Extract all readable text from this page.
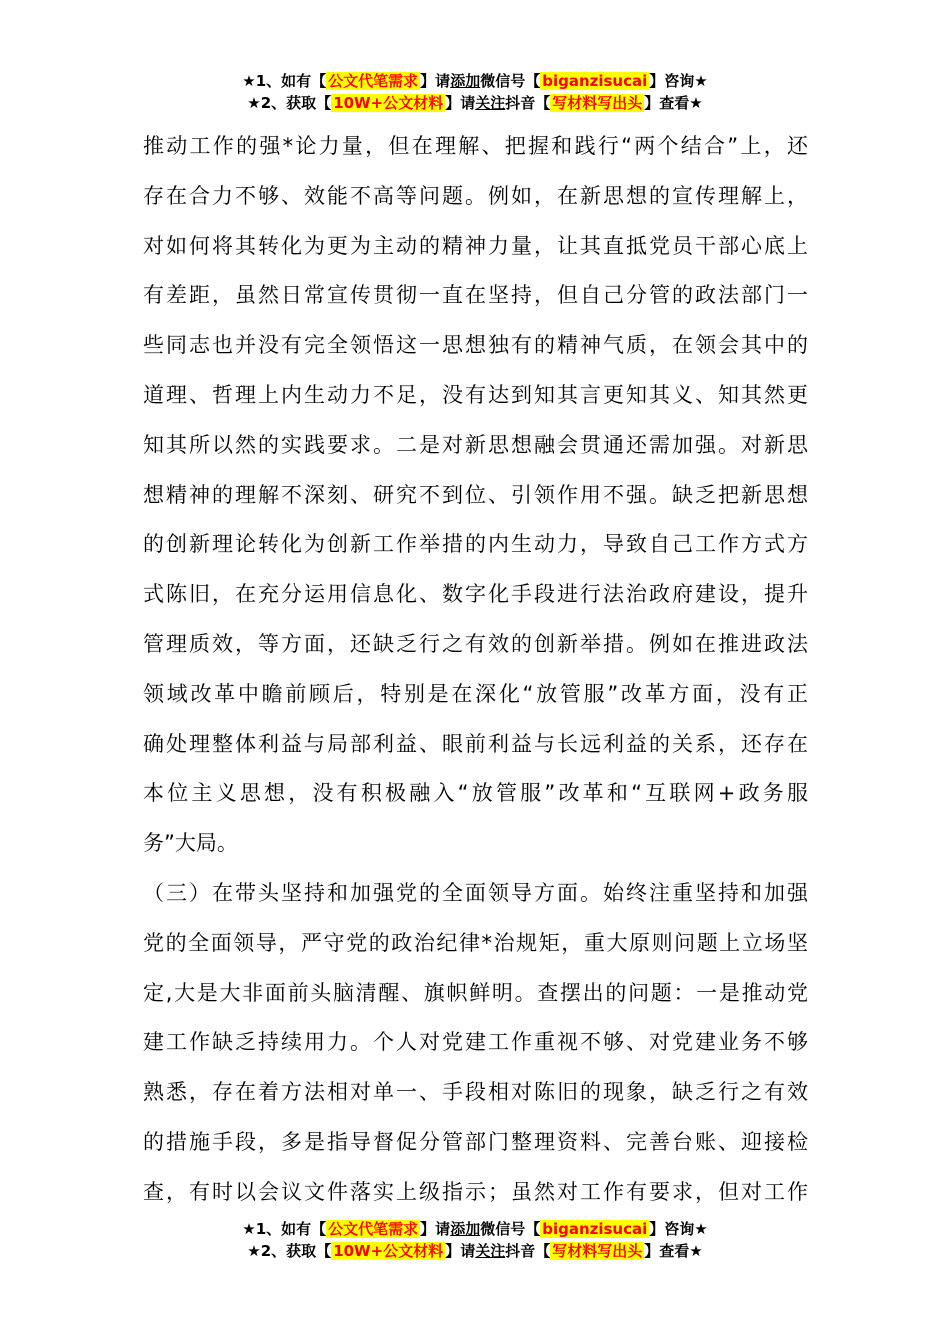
★1、如有【 公文代笔需求 】请添加微信号【 biganzisucai 】咨询★
★2、获取【 10W+公文材料 】请关注抖音【 写材料写出头 】查看★
推动工作的强*论力量，但在理解、把握和践行“两个结合”上，还
存在合力不够、效能不高等问题。例如，在新思想的宣传理解上，
对如何将其转化为更为主动的精神力量，让其直抵党员干部心底上
有差距，虽然日常宣传贯彻一直在坚持，但自己分管的政法部门一
些同志也并没有完全领悟这一思想独有的精神气质，在领会其中的
道理、哲理上内生动力不足，没有达到知其言更知其义、知其然更
知其所以然的实践要求。二是对新思想融会贯通还需加强。对新思
想精神的理解不深刻、研究不到位、引领作用不强。缺乏把新思想
的创新理论转化为创新工作举措的内生动力，导致自己工作方式方
式陈旧，在充分运用信息化、数字化手段进行法治政府建设，提升
管理质效，等方面，还缺乏行之有效的创新举措。例如在推进政法
领域改革中瞻前顾后，特别是在深化“放管服”改革方面，没有正
确处理整体利益与局部利益、眼前利益与长远利益的关系，还存在
本位主义思想，没有积极融入“放管服”改革和“互联网+政务服
务”大局。
（三）在带头坚持和加强党的全面领导方面。始终注重坚持和加强
党的全面领导，严守党的政治纪律*治规矩，重大原则问题上立场坚
定,大是大非面前头脑清醒、旗帜鲜明。查摆出的问题：一是推动党
建工作缺乏持续用力。个人对党建工作重视不够、对党建业务不够
熟悉，存在着方法相对单一、手段相对陈旧的现象，缺乏行之有效
的措施手段，多是指导督促分管部门整理资料、完善台账、迎接检
查，有时以会议文件落实上级指示；虽然对工作有要求，但对工作
★1、如有【 公文代笔需求 】请添加微信号【 biganzisucai 】咨询★
★2、获取【 10W+公文材料 】请关注抖音【 写材料写出头 】查看★
